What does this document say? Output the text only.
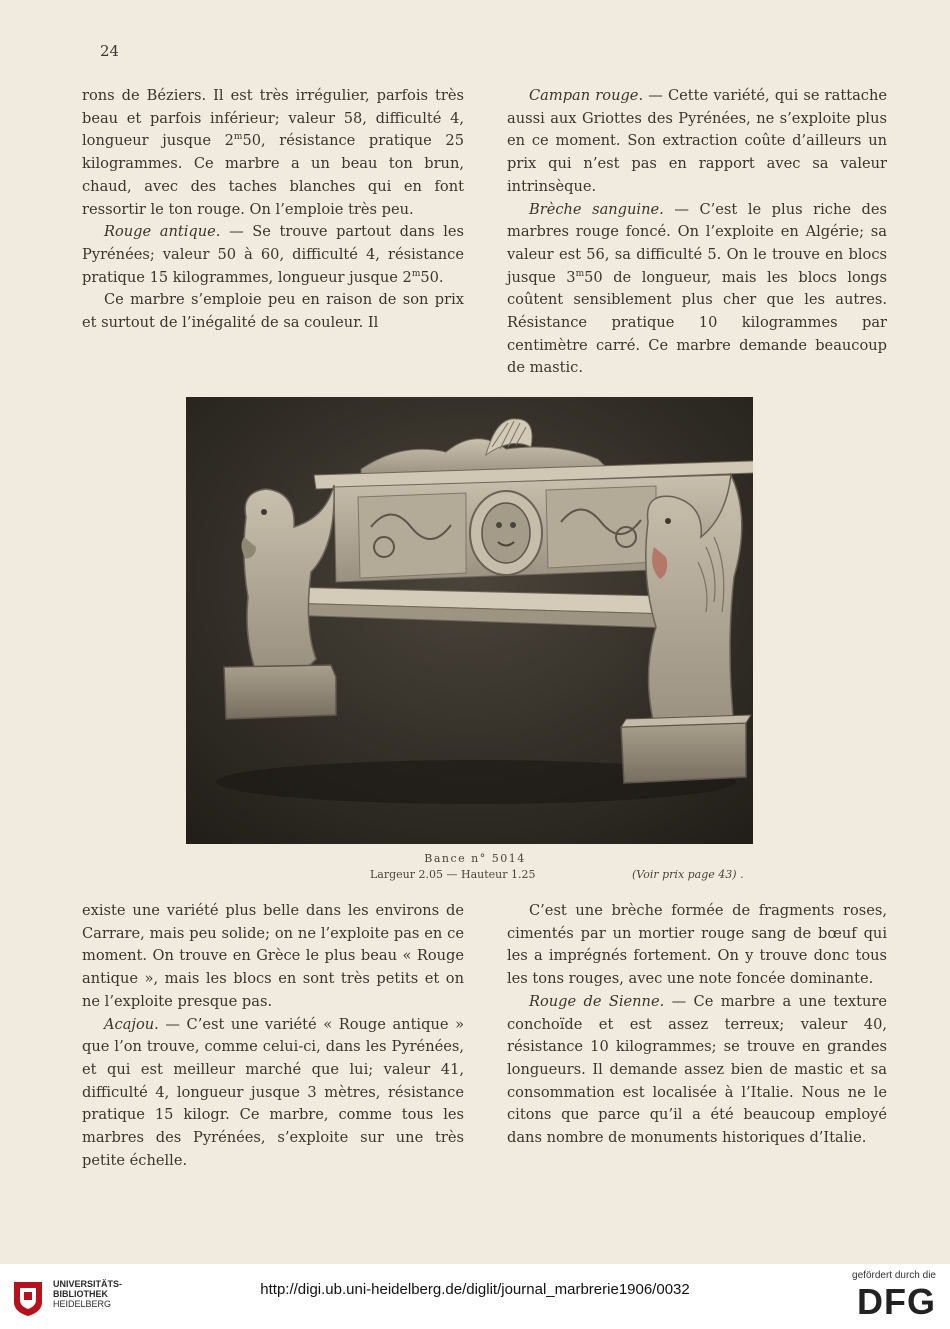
24

rons de Béziers. Il est très irrégulier, parfois très beau et parfois inférieur; valeur 58, difficulté 4, longueur jusque 2$^m$50, résistance pratique 25 kilogrammes. Ce marbre a un beau ton brun, chaud, avec des taches blanches qui en font ressortir le ton rouge. On l’emploie très peu.

Rouge antique. — Se trouve partout dans les Pyrénées; valeur 50 à 60, difficulté 4, résistance pratique 15 kilogrammes, longueur jusque 2$^m$50.

Ce marbre s’emploie peu en raison de son prix et surtout de l’inégalité de sa couleur. Il

Campan rouge. — Cette variété, qui se rattache aussi aux Griottes des Pyrénées, ne s’exploite plus en ce moment. Son extraction coûte d’ailleurs un prix qui n’est pas en rapport avec sa valeur intrinsèque.

Brèche sanguine. — C’est le plus riche des marbres rouge foncé. On l’exploite en Algérie; sa valeur est 56, sa difficulté 5. On le trouve en blocs jusque 3$^m$50 de longueur, mais les blocs longs coûtent sensiblement plus cher que les autres. Résistance pratique 10 kilogrammes par centimètre carré. Ce marbre demande beaucoup de mastic.

Bance n° 5014
Largeur 2.05 — Hauteur 1.25	(Voir prix page 43) .

existe une variété plus belle dans les environs de Carrare, mais peu solide; on ne l’exploite pas en ce moment. On trouve en Grèce le plus beau « Rouge antique », mais les blocs en sont très petits et on ne l’exploite presque pas.

Acajou. — C’est une variété « Rouge antique » que l’on trouve, comme celui-ci, dans les Pyrénées, et qui est meilleur marché que lui; valeur 41, difficulté 4, longueur jusque 3 mètres, résistance pratique 15 kilogr. Ce marbre, comme tous les marbres des Pyrénées, s’exploite sur une très petite échelle.

C’est une brèche formée de fragments roses, cimentés par un mortier rouge sang de bœuf qui les a imprégnés fortement. On y trouve donc tous les tons rouges, avec une note foncée dominante.

Rouge de Sienne. — Ce marbre a une texture conchoïde et est assez terreux; valeur 40, résistance 10 kilogrammes; se trouve en grandes longueurs. Il demande assez bien de mastic et sa consommation est localisée à l’Italie. Nous ne le citons que parce qu’il a été beaucoup employé dans nombre de monuments historiques d’Italie.

UNIVERSITÄTS-
BIBLIOTHEK
HEIDELBERG
http://digi.ub.uni-heidelberg.de/diglit/journal_marbrerie1906/0032
gefördert durch die
DFG
